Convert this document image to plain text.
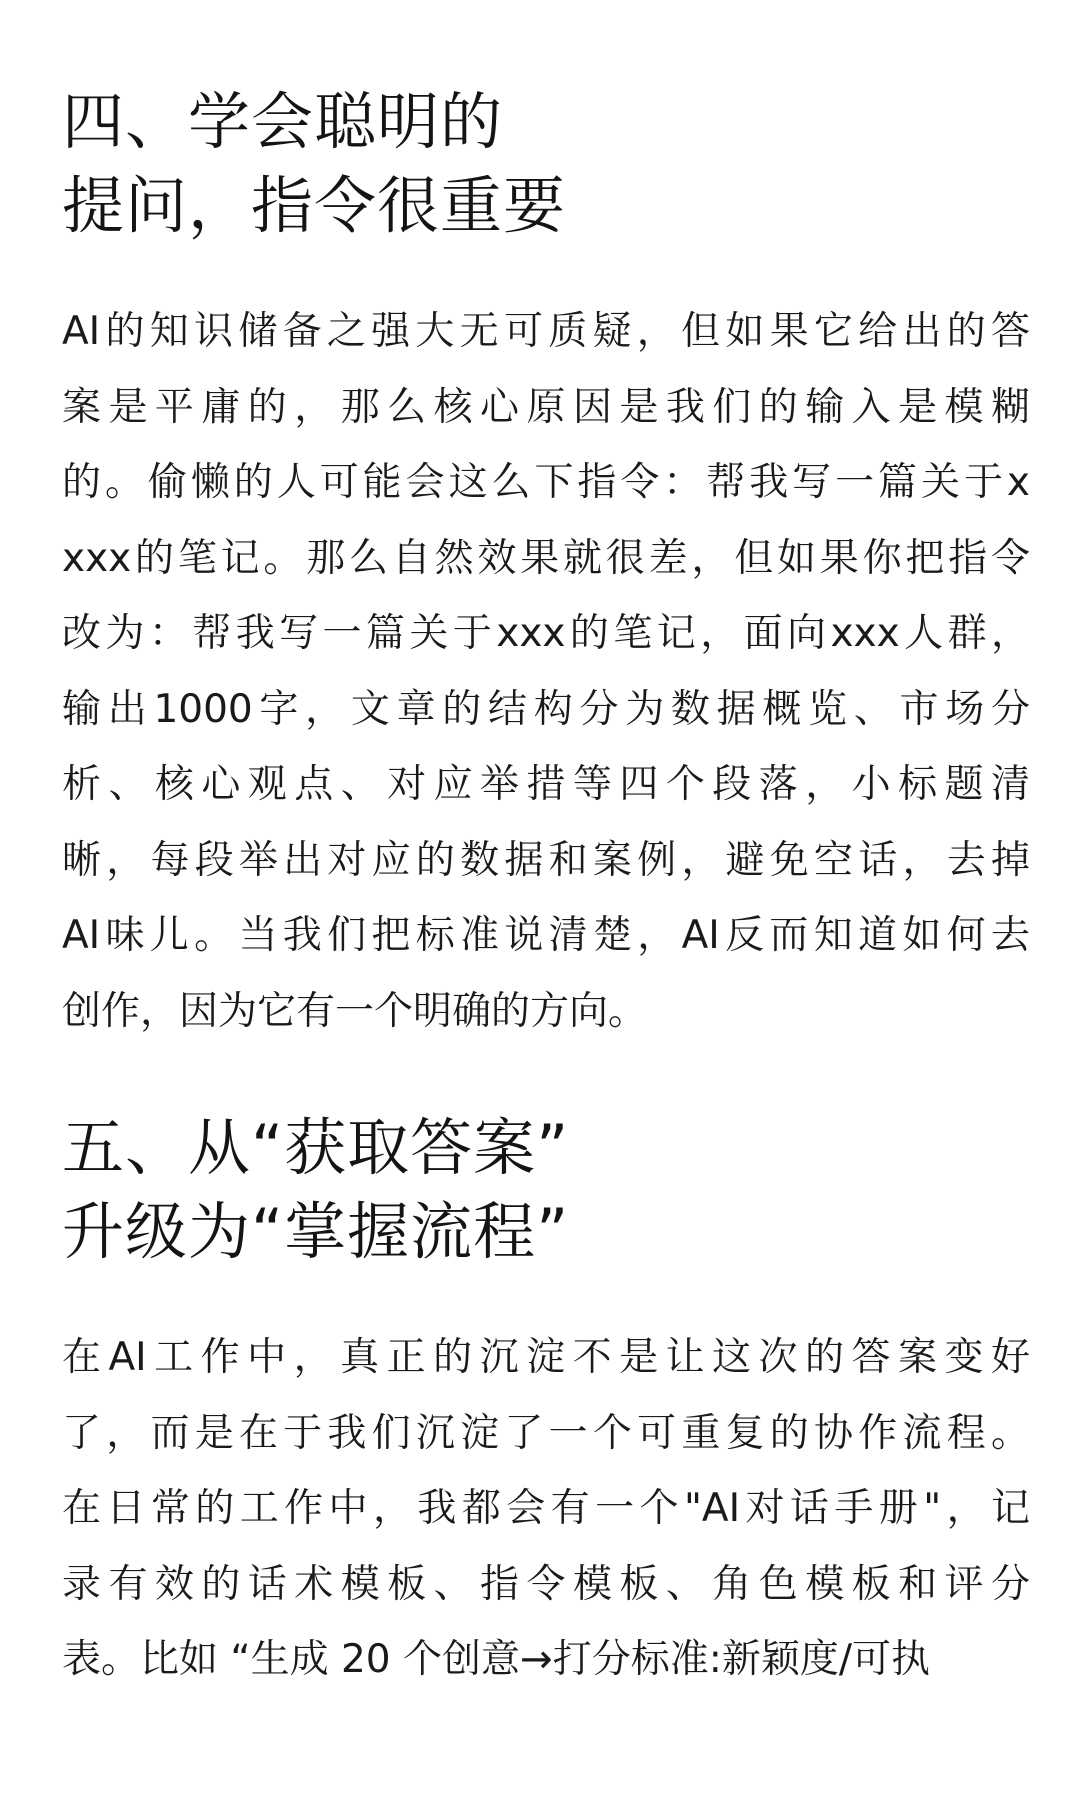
四、学会聪明的
提问，指令很重要
AI的知识储备之强大无可质疑，但如果它给出的答
案是平庸的，那么核心原因是我们的输入是模糊
的。偷懒的人可能会这么下指令：帮我写一篇关于x
xxx的笔记。那么自然效果就很差，但如果你把指令
改为：帮我写一篇关于xxx的笔记，面向xxx人群，
输出1000字，文章的结构分为数据概览、市场分
析、核心观点、对应举措等四个段落，小标题清
晰，每段举出对应的数据和案例，避免空话，去掉
AI味儿。当我们把标准说清楚，AI反而知道如何去
创作，因为它有一个明确的方向。
五、从“获取答案”
升级为“掌握流程”
在AI工作中，真正的沉淀不是让这次的答案变好
了，而是在于我们沉淀了一个可重复的协作流程。
在日常的工作中，我都会有一个"AI对话手册"，记
录有效的话术模板、指令模板、角色模板和评分
表。比如 “生成 20 个创意→打分标准:新颖度/可执
